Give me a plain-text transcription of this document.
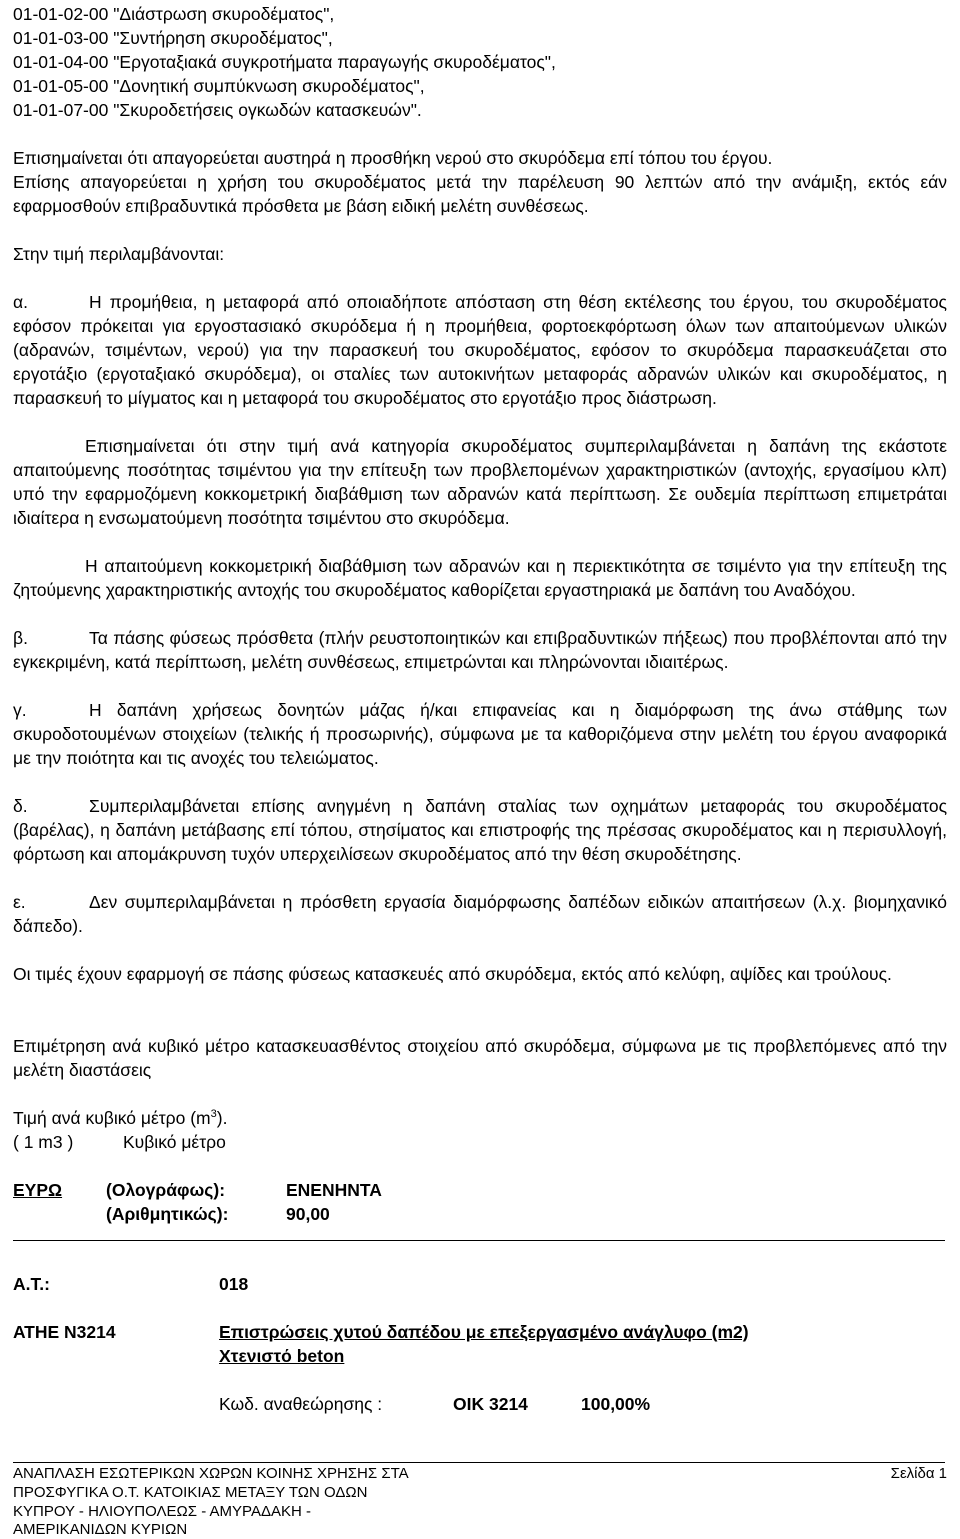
01-01-02-00 "Διάστρωση σκυροδέματος",
01-01-03-00 "Συντήρηση σκυροδέματος",
01-01-04-00 "Εργοταξιακά συγκροτήματα παραγωγής σκυροδέματος",
01-01-05-00 "Δονητική συμπύκνωση σκυροδέματος",
01-01-07-00 "Σκυροδετήσεις ογκωδών κατασκευών".
Επισημαίνεται ότι απαγορεύεται αυστηρά η προσθήκη νερού στο σκυρόδεμα επί τόπου του έργου.
Επίσης απαγορεύεται η χρήση του σκυροδέματος μετά την παρέλευση 90 λεπτών από την ανάμιξη, εκτός εάν εφαρμοσθούν επιβραδυντικά πρόσθετα με βάση ειδική μελέτη συνθέσεως.
Στην τιμή περιλαμβάνονται:
α.	Η προμήθεια, η μεταφορά από οποιαδήποτε απόσταση στη θέση εκτέλεσης του έργου, του σκυροδέματος εφόσον πρόκειται για εργοστασιακό σκυρόδεμα ή η προμήθεια, φορτοεκφόρτωση όλων των απαιτούμενων υλικών (αδρανών, τσιμέντων, νερού) για την παρασκευή του σκυροδέματος, εφόσον το σκυρόδεμα παρασκευάζεται στο εργοτάξιο (εργοταξιακό σκυρόδεμα), οι σταλίες των αυτοκινήτων μεταφοράς αδρανών υλικών και σκυροδέματος, η παρασκευή το μίγματος και η μεταφορά του σκυροδέματος στο εργοτάξιο προς διάστρωση.
Επισημαίνεται ότι στην τιμή ανά κατηγορία σκυροδέματος συμπεριλαμβάνεται η δαπάνη της εκάστοτε απαιτούμενης ποσότητας τσιμέντου για την επίτευξη των προβλεπομένων χαρακτηριστικών (αντοχής, εργασίμου κλπ) υπό την εφαρμοζόμενη κοκκομετρική διαβάθμιση των αδρανών κατά περίπτωση. Σε ουδεμία περίπτωση επιμετράται ιδιαίτερα η ενσωματούμενη ποσότητα τσιμέντου στο σκυρόδεμα.
Η απαιτούμενη κοκκομετρική διαβάθμιση των αδρανών και η περιεκτικότητα σε τσιμέντο για την επίτευξη της ζητούμενης χαρακτηριστικής αντοχής του σκυροδέματος καθορίζεται εργαστηριακά με δαπάνη του Αναδόχου.
β.	Τα πάσης φύσεως πρόσθετα (πλήν ρευστοποιητικών και επιβραδυντικών πήξεως) που προβλέπονται από την εγκεκριμένη, κατά περίπτωση, μελέτη συνθέσεως, επιμετρώνται και πληρώνονται ιδιαιτέρως.
γ.	Η δαπάνη χρήσεως δονητών μάζας ή/και επιφανείας και η διαμόρφωση της άνω στάθμης των σκυροδοτουμένων στοιχείων (τελικής ή προσωρινής), σύμφωνα με τα καθοριζόμενα στην μελέτη του έργου αναφορικά με την ποιότητα και τις ανοχές του τελειώματος.
δ.	Συμπεριλαμβάνεται επίσης ανηγμένη η δαπάνη σταλίας των οχημάτων μεταφοράς του σκυροδέματος (βαρέλας), η δαπάνη μετάβασης επί τόπου, στησίματος και επιστροφής της πρέσσας σκυροδέματος και η περισυλλογή, φόρτωση και απομάκρυνση τυχόν υπερχειλίσεων σκυροδέματος από την θέση σκυροδέτησης.
ε.	Δεν συμπεριλαμβάνεται η πρόσθετη εργασία διαμόρφωσης δαπέδων ειδικών απαιτήσεων (λ.χ. βιομηχανικό δάπεδο).
Οι τιμές έχουν εφαρμογή σε πάσης φύσεως κατασκευές από σκυρόδεμα, εκτός από κελύφη, αψίδες και τρούλους.
Επιμέτρηση ανά κυβικό μέτρο κατασκευασθέντος στοιχείου από σκυρόδεμα, σύμφωνα με τις προβλεπόμενες από την μελέτη διαστάσεις
Τιμή ανά κυβικό μέτρο $(m^3)$.
( 1 m3 )	Κυβικό μέτρο
ΕΥΡΩ	(Ολογράφως):	ΕΝΕΝΗΝΤΑ
(Αριθμητικώς):	90,00
Α.Τ.:	018
ΑΤΗΕ Ν3214	Επιστρώσεις χυτού δαπέδου με επεξεργασμένο ανάγλυφο (m2)
Χτενιστό beton
Κωδ. αναθεώρησης :	ΟΙΚ 3214	100,00%
ΑΝΑΠΛΑΣΗ ΕΣΩΤΕΡΙΚΩΝ ΧΩΡΩΝ ΚΟΙΝΗΣ ΧΡΗΣΗΣ ΣΤΑ
ΠΡΟΣΦΥΓΙΚΑ Ο.Τ. ΚΑΤΟΙΚΙΑΣ ΜΕΤΑΞΥ ΤΩΝ ΟΔΩΝ
ΚΥΠΡΟΥ - ΗΛΙΟΥΠΟΛΕΩΣ - ΑΜΥΡΑΔΑΚΗ -
ΑΜΕΡΙΚΑΝΙΔΩΝ ΚΥΡΙΩΝ
Σελίδα 1
